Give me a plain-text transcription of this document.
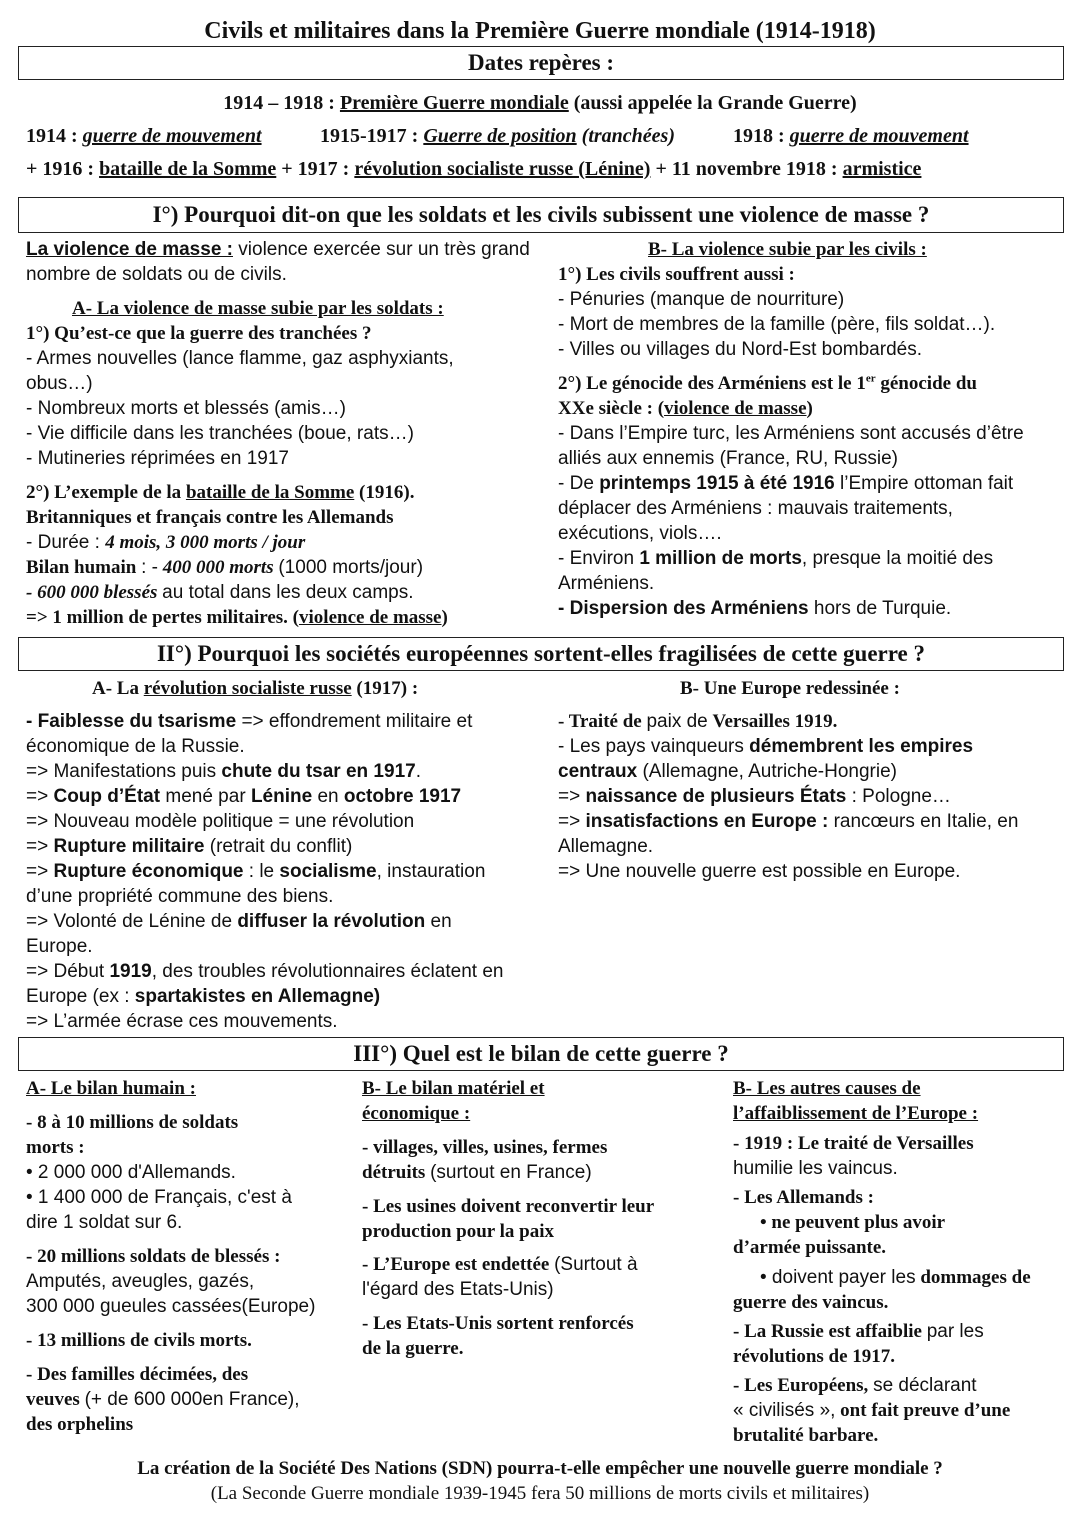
Civils et militaires dans la Première Guerre mondiale (1914-1918)
Dates repères :
1914 – 1918 : Première Guerre mondiale (aussi appelée la Grande Guerre)
1914 : guerre de mouvement	1915-1917 : Guerre de position (tranchées)	1918 : guerre de mouvement
+ 1916 : bataille de la Somme + 1917 : révolution socialiste russe (Lénine) + 11 novembre 1918 : armistice
I°) Pourquoi dit-on que les soldats et les civils subissent une violence de masse ?
La violence de masse : violence exercée sur un très grand
nombre de soldats ou de civils.
A- La violence de masse subie par les soldats :
1°) Qu’est-ce que la guerre des tranchées ?
- Armes nouvelles (lance flamme, gaz asphyxiants,
obus…)
- Nombreux morts et blessés (amis…)
- Vie difficile dans les tranchées (boue, rats…)
- Mutineries réprimées en 1917
2°) L’exemple de la bataille de la Somme (1916).
Britanniques et français contre les Allemands
- Durée : 4 mois, 3 000 morts / jour
Bilan humain : - 400 000 morts (1000 morts/jour)
- 600 000 blessés au total dans les deux camps.
=> 1 million de pertes militaires. (violence de masse)
B- La violence subie par les civils :
1°) Les civils souffrent aussi :
- Pénuries (manque de nourriture)
- Mort de membres de la famille (père, fils soldat…).
- Villes ou villages du Nord-Est bombardés.
2°) Le génocide des Arméniens est le 1er génocide du
XXe siècle : (violence de masse)
- Dans l’Empire turc, les Arméniens sont accusés d’être
alliés aux ennemis (France, RU, Russie)
- De printemps 1915 à été 1916 l’Empire ottoman fait
déplacer des Arméniens : mauvais traitements,
exécutions, viols….
- Environ 1 million de morts, presque la moitié des
Arméniens.
- Dispersion des Arméniens hors de Turquie.
II°) Pourquoi les sociétés européennes sortent-elles fragilisées de cette guerre ?
A- La révolution socialiste russe (1917) :
- Faiblesse du tsarisme => effondrement militaire et
économique de la Russie.
=> Manifestations puis chute du tsar en 1917.
=> Coup d’État mené par Lénine en octobre 1917
=> Nouveau modèle politique = une révolution
=> Rupture militaire (retrait du conflit)
=> Rupture économique : le socialisme, instauration
d’une propriété commune des biens.
=> Volonté de Lénine de diffuser la révolution en
Europe.
=> Début 1919, des troubles révolutionnaires éclatent en
Europe (ex : spartakistes en Allemagne)
=> L’armée écrase ces mouvements.
B- Une Europe redessinée :
- Traité de paix de Versailles 1919.
- Les pays vainqueurs démembrent les empires
centraux (Allemagne, Autriche-Hongrie)
=> naissance de plusieurs États : Pologne…
=> insatisfactions en Europe : rancœurs en Italie, en
Allemagne.
=> Une nouvelle guerre est possible en Europe.
III°) Quel est le bilan de cette guerre ?
A- Le bilan humain :
- 8 à 10 millions de soldats
morts :
• 2 000 000 d'Allemands.
• 1 400 000 de Français, c'est à
dire 1 soldat sur 6.
- 20 millions soldats de blessés :
Amputés, aveugles, gazés,
300 000 gueules cassées(Europe)
- 13 millions de civils morts.
- Des familles décimées, des
veuves (+ de 600 000en France),
des orphelins
B- Le bilan matériel et
économique :
- villages, villes, usines, fermes
détruits (surtout en France)
- Les usines doivent reconvertir leur
production pour la paix
- L’Europe est endettée (Surtout à
l'égard des Etats-Unis)
- Les Etats-Unis sortent renforcés
de la guerre.
B- Les autres causes de
l’affaiblissement de l’Europe :
- 1919 : Le traité de Versailles
humilie les vaincus.
- Les Allemands :
• ne peuvent plus avoir
d’armée puissante.
• doivent payer les dommages de
guerre des vaincus.
- La Russie est affaiblie par les
révolutions de 1917.
- Les Européens, se déclarant
« civilisés », ont fait preuve d’une
brutalité barbare.
La création de la Société Des Nations (SDN) pourra-t-elle empêcher une nouvelle guerre mondiale ?
(La Seconde Guerre mondiale 1939-1945 fera 50 millions de morts civils et militaires)
